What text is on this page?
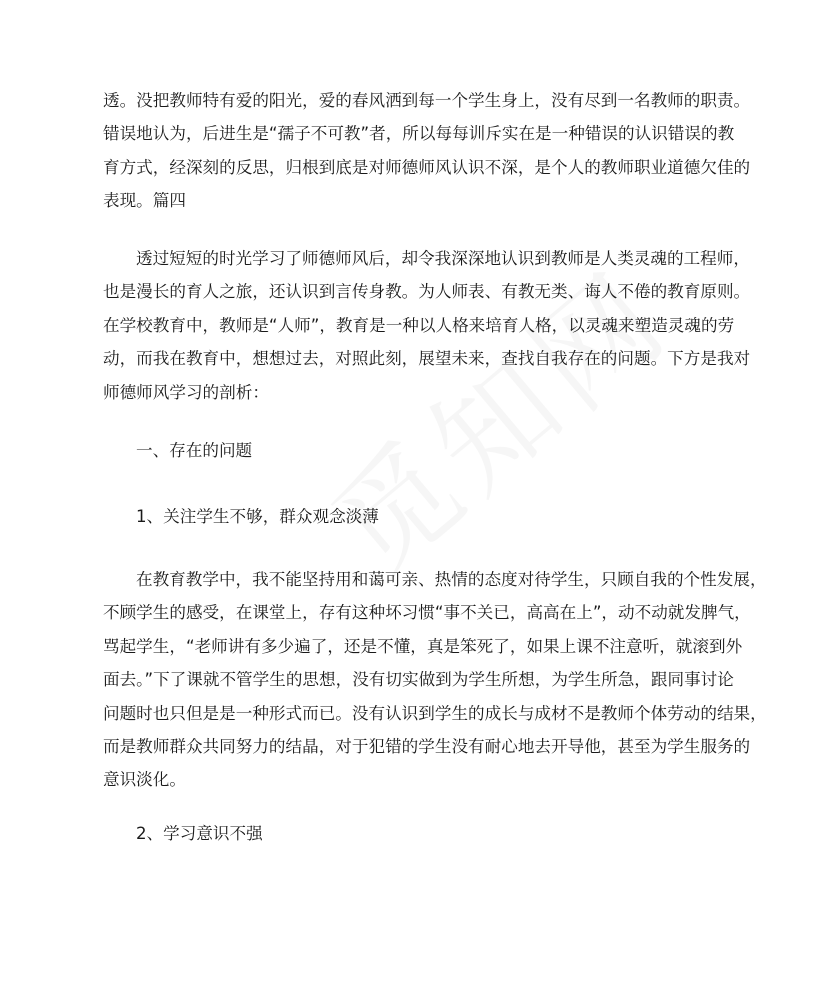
透。没把教师特有爱的阳光，爱的春风洒到每一个学生身上，没有尽到一名教师的职责。
错误地认为，后进生是“孺子不可教”者，所以每每训斥实在是一种错误的认识错误的教
育方式，经深刻的反思，归根到底是对师德师风认识不深，是个人的教师职业道德欠佳的
表现。篇四
透过短短的时光学习了师德师风后，却令我深深地认识到教师是人类灵魂的工程师，
也是漫长的育人之旅，还认识到言传身教。为人师表、有教无类、诲人不倦的教育原则。
在学校教育中，教师是“人师”，教育是一种以人格来培育人格，以灵魂来塑造灵魂的劳
动，而我在教育中，想想过去，对照此刻，展望未来，查找自我存在的问题。下方是我对
师德师风学习的剖析：
一、存在的问题
1、关注学生不够，群众观念淡薄
在教育教学中，我不能坚持用和蔼可亲、热情的态度对待学生，只顾自我的个性发展，
不顾学生的感受，在课堂上，存有这种坏习惯“事不关已，高高在上”，动不动就发脾气，
骂起学生，“老师讲有多少遍了，还是不懂，真是笨死了，如果上课不注意听，就滚到外
面去。”下了课就不管学生的思想，没有切实做到为学生所想，为学生所急，跟同事讨论
问题时也只但是是一种形式而已。没有认识到学生的成长与成材不是教师个体劳动的结果，
而是教师群众共同努力的结晶，对于犯错的学生没有耐心地去开导他，甚至为学生服务的
意识淡化。
2、学习意识不强
